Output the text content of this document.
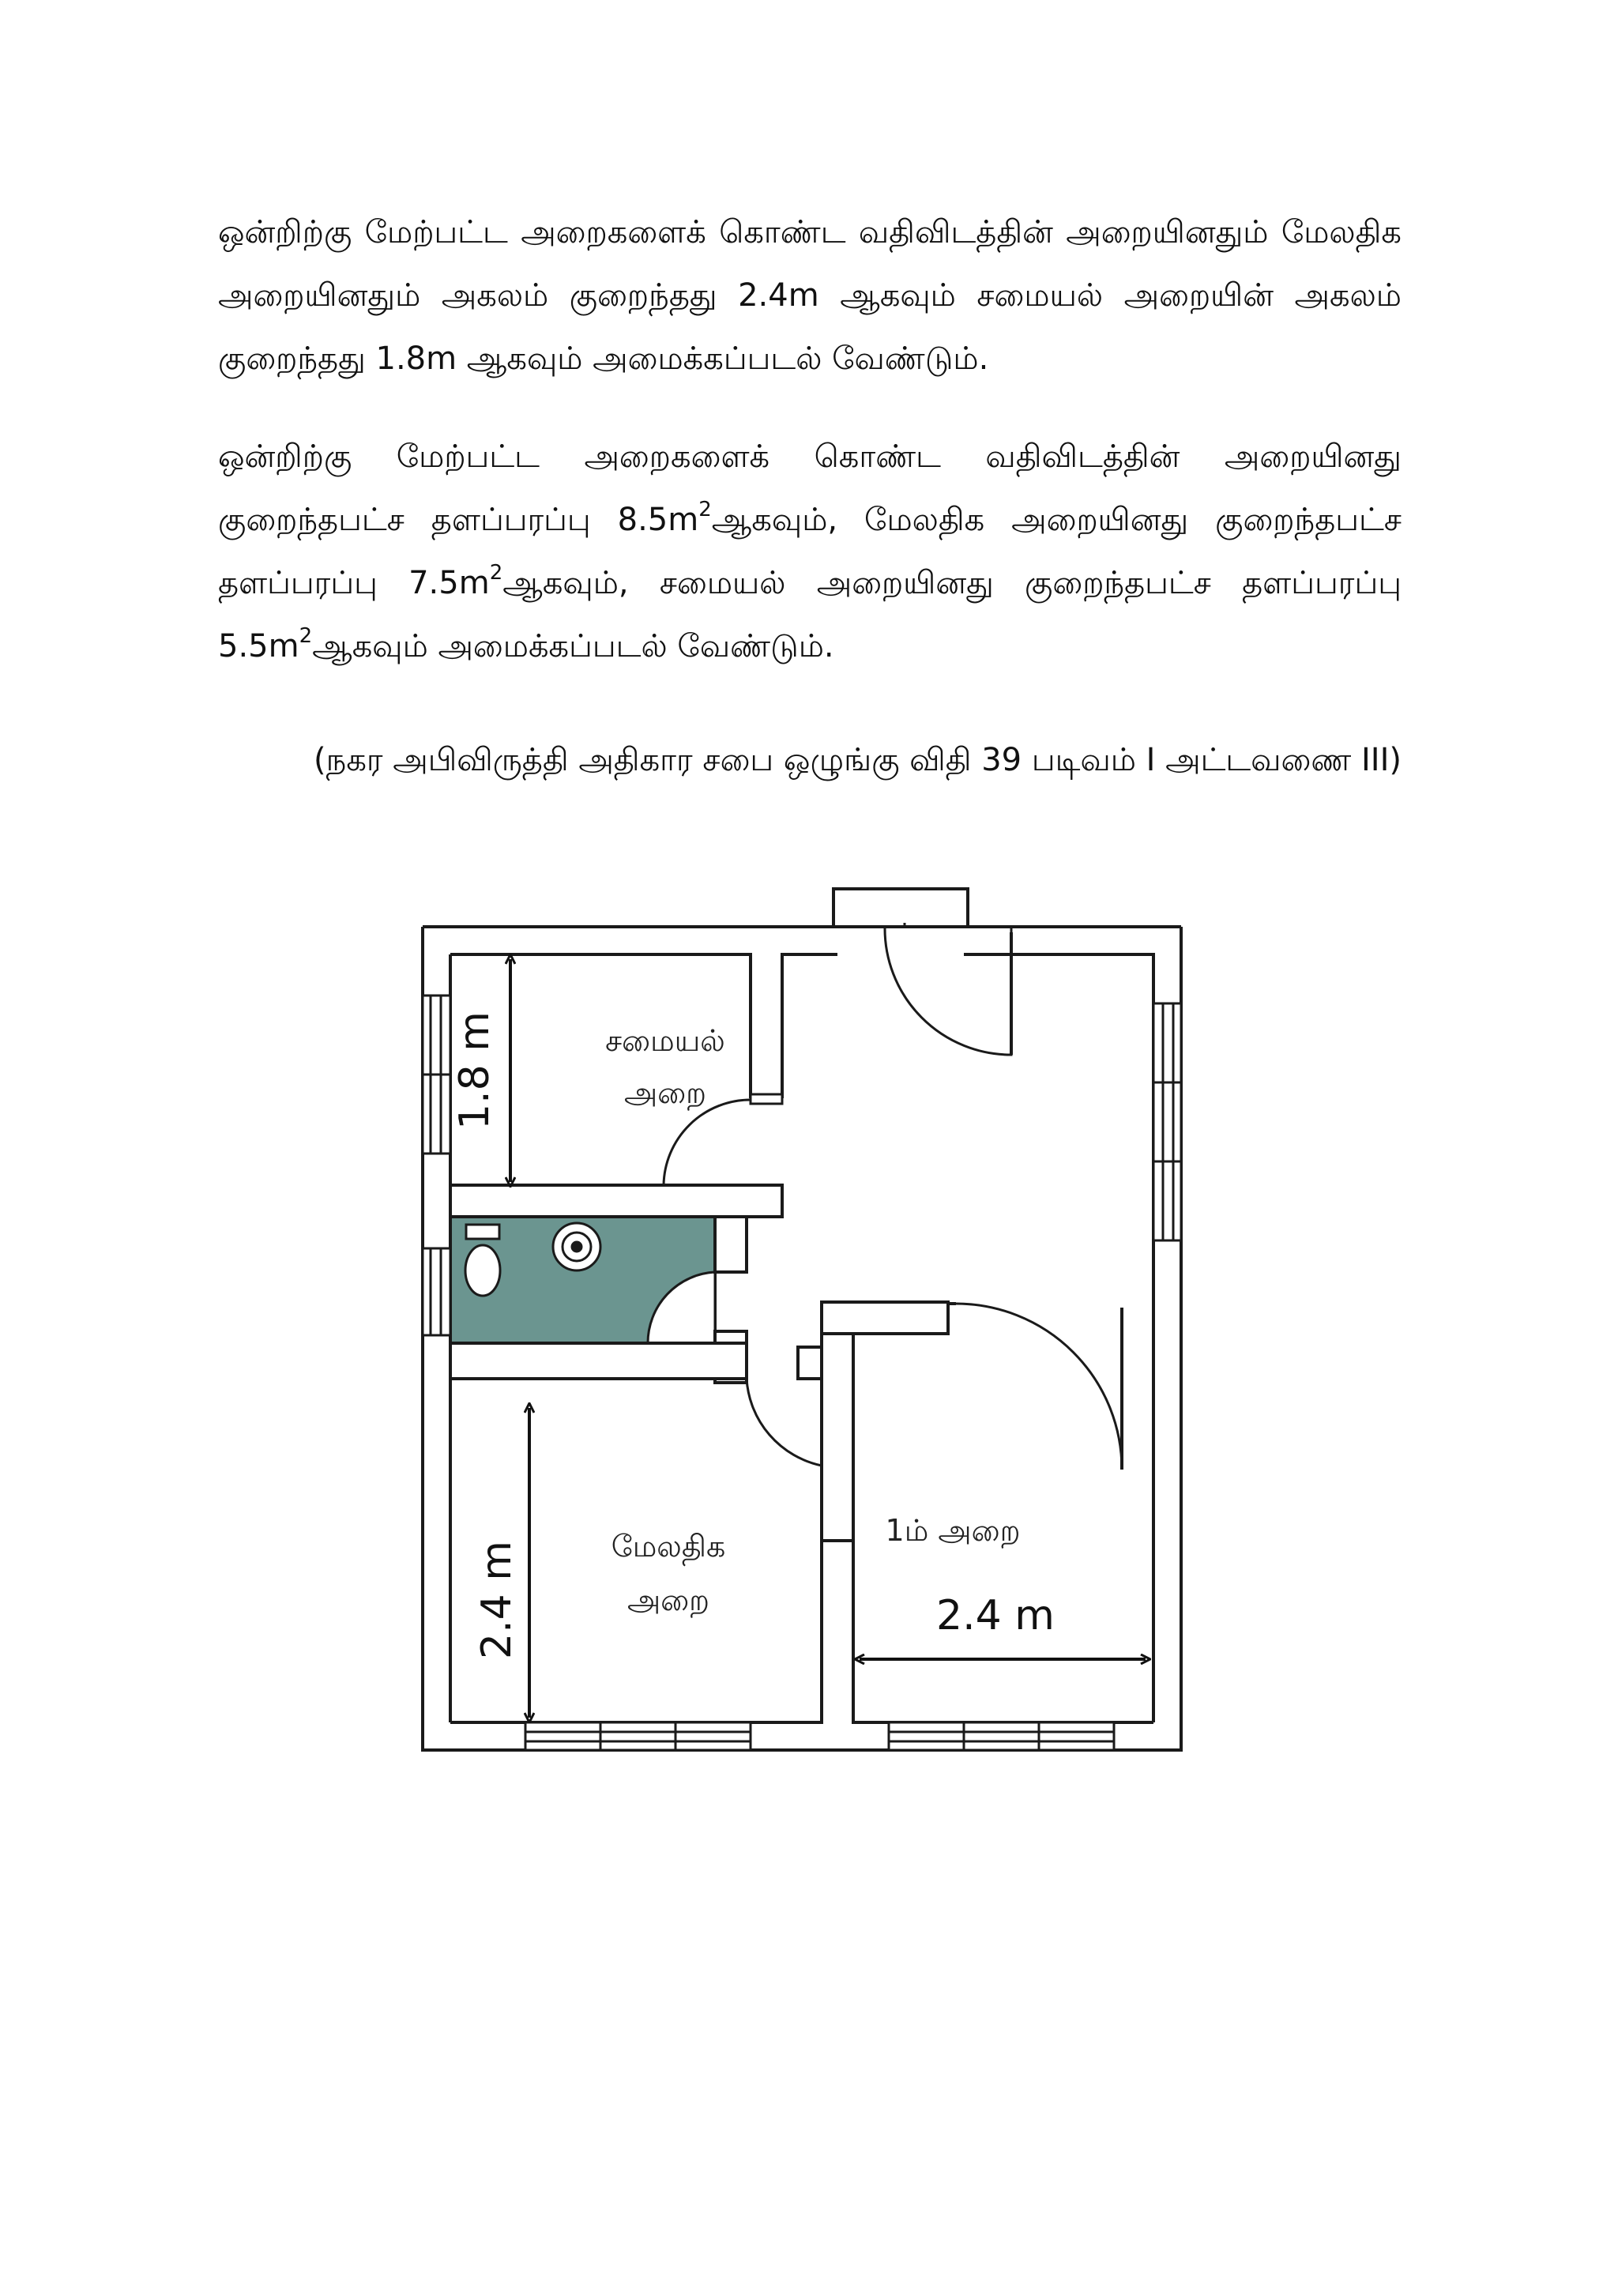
ஒன்றிற்கு மேற்பட்ட அறைகளைக் கொண்ட வதிவிடத்தின் அறையினதும் மேலதிக அறையினதும் அகலம் குறைந்தது 2.4m ஆகவும் சமையல் அறையின் அகலம் குறைந்தது 1.8m ஆகவும் அமைக்கப்படல் வேண்டும்.

ஒன்றிற்கு மேற்பட்ட அறைகளைக் கொண்ட வதிவிடத்தின் அறையினது குறைந்தபட்ச தளப்பரப்பு $8.5m^2ஆகவும்$, மேலதிக அறையினது குறைந்தபட்ச தளப்பரப்பு $7.5m^2ஆகவும்$, சமையல் அறையினது குறைந்தபட்ச தளப்பரப்பு $5.5m^2ஆகவும்$ அமைக்கப்படல் வேண்டும்.

(நகர அபிவிருத்தி அதிகார சபை ஒழுங்கு விதி 39 படிவம் I அட்டவணை III)

சமையல்
அறை
1.8 m
மேலதிக
அறை
2.4 m
1ம் அறை
2.4 m
